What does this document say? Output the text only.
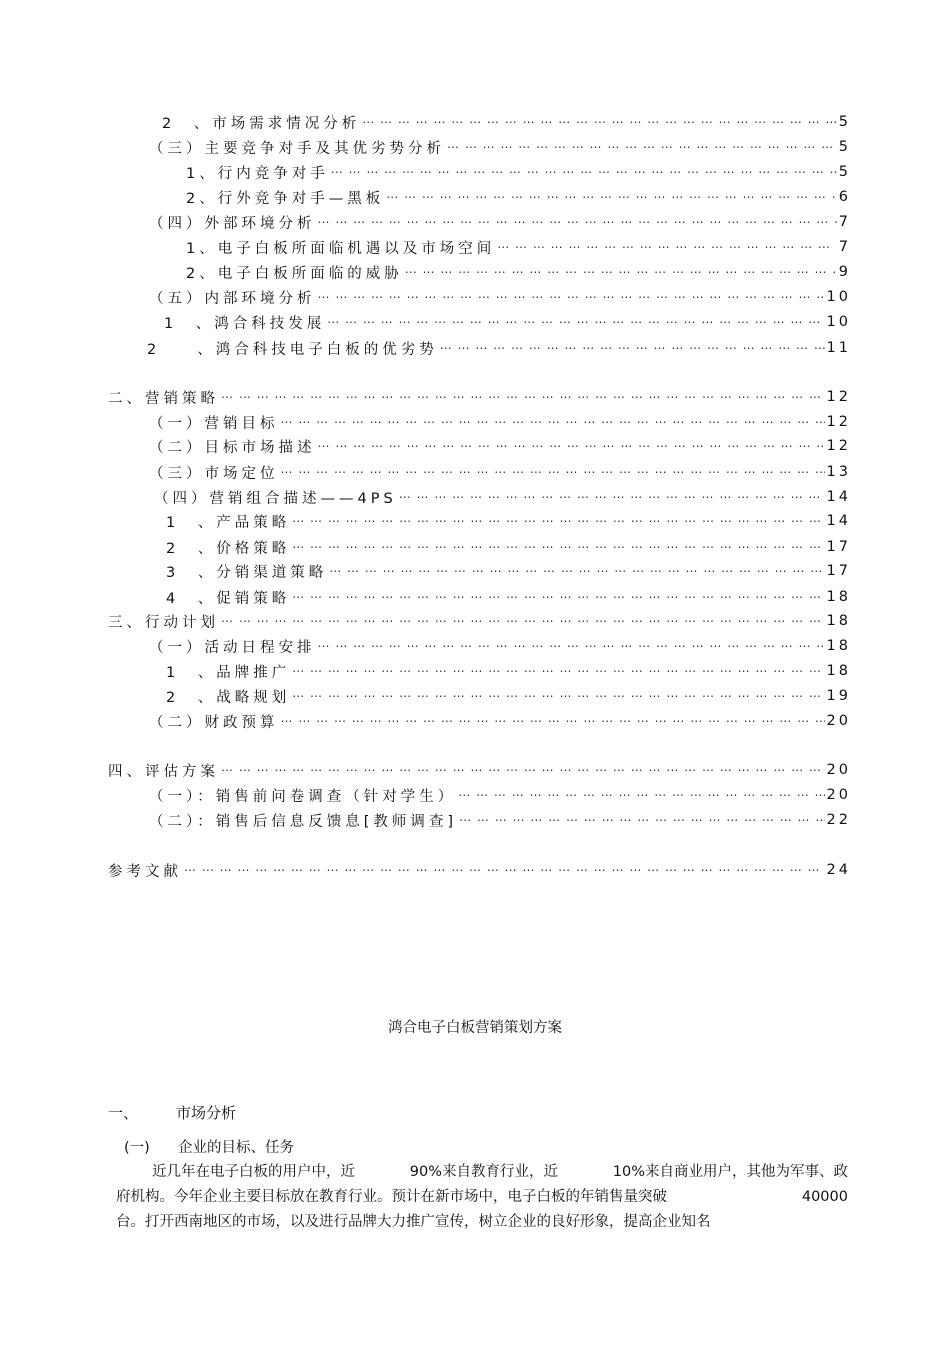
2　、市场需求情况分析 ⋯ ⋯ ⋯ ⋯ ⋯ ⋯ ⋯ ⋯ ⋯ ⋯ ⋯ ⋯ ⋯ ⋯ ⋯ ⋯ ⋯ ⋯ ⋯ ⋯ ⋯ ⋯ ⋯ ⋯ ⋯ ⋯ ⋯ ⋯ ⋯ ⋯ ⋯ ⋯ ⋯ ⋯ ⋯ ⋯ ⋯ ⋯ ⋯ ⋯ ⋯ ⋯ ⋯ ⋯ ⋯ ⋯ ⋯ ⋯ ⋯ ⋯ ⋯ ⋯ ⋯ ⋯ ⋯ ⋯ ⋯ ⋯ ⋯ ⋯	5
（三）主要竞争对手及其优劣势分析 ⋯ ⋯ ⋯ ⋯ ⋯ ⋯ ⋯ ⋯ ⋯ ⋯ ⋯ ⋯ ⋯ ⋯ ⋯ ⋯ ⋯ ⋯ ⋯ ⋯ ⋯ ⋯ ⋯ ⋯ ⋯ ⋯ ⋯ ⋯ ⋯ ⋯ ⋯ ⋯ ⋯ ⋯ ⋯ ⋯ ⋯ ⋯ ⋯ ⋯ ⋯ ⋯ ⋯ ⋯ ⋯ ⋯ ⋯ ⋯ ⋯ ⋯ ⋯ ⋯ ⋯ ⋯ ⋯ ⋯ ⋯ ⋯ ⋯ ⋯	5
1、行内竞争对手 ⋯ ⋯ ⋯ ⋯ ⋯ ⋯ ⋯ ⋯ ⋯ ⋯ ⋯ ⋯ ⋯ ⋯ ⋯ ⋯ ⋯ ⋯ ⋯ ⋯ ⋯ ⋯ ⋯ ⋯ ⋯ ⋯ ⋯ ⋯ ⋯ ⋯ ⋯ ⋯ ⋯ ⋯ ⋯ ⋯ ⋯ ⋯ ⋯ ⋯ ⋯ ⋯ ⋯ ⋯ ⋯ ⋯ ⋯ ⋯ ⋯ ⋯ ⋯ ⋯ ⋯ ⋯ ⋯ ⋯ ⋯ ⋯ ⋯ ⋯	5
2、行外竞争对手—黑板 ⋯ ⋯ ⋯ ⋯ ⋯ ⋯ ⋯ ⋯ ⋯ ⋯ ⋯ ⋯ ⋯ ⋯ ⋯ ⋯ ⋯ ⋯ ⋯ ⋯ ⋯ ⋯ ⋯ ⋯ ⋯ ⋯ ⋯ ⋯ ⋯ ⋯ ⋯ ⋯ ⋯ ⋯ ⋯ ⋯ ⋯ ⋯ ⋯ ⋯ ⋯ ⋯ ⋯ ⋯ ⋯ ⋯ ⋯ ⋯ ⋯ ⋯ ⋯ ⋯ ⋯ ⋯ ⋯ ⋯ ⋯ ⋯ ⋯ ⋯	6
（四）外部环境分析 ⋯ ⋯ ⋯ ⋯ ⋯ ⋯ ⋯ ⋯ ⋯ ⋯ ⋯ ⋯ ⋯ ⋯ ⋯ ⋯ ⋯ ⋯ ⋯ ⋯ ⋯ ⋯ ⋯ ⋯ ⋯ ⋯ ⋯ ⋯ ⋯ ⋯ ⋯ ⋯ ⋯ ⋯ ⋯ ⋯ ⋯ ⋯ ⋯ ⋯ ⋯ ⋯ ⋯ ⋯ ⋯ ⋯ ⋯ ⋯ ⋯ ⋯ ⋯ ⋯ ⋯ ⋯ ⋯ ⋯ ⋯ ⋯ ⋯ ⋯	7
1、电子白板所面临机遇以及市场空间 ⋯ ⋯ ⋯ ⋯ ⋯ ⋯ ⋯ ⋯ ⋯ ⋯ ⋯ ⋯ ⋯ ⋯ ⋯ ⋯ ⋯ ⋯ ⋯ ⋯ ⋯ ⋯ ⋯ ⋯ ⋯ ⋯ ⋯ ⋯ ⋯ ⋯ ⋯ ⋯ ⋯ ⋯ ⋯ ⋯ ⋯ ⋯ ⋯ ⋯ ⋯ ⋯ ⋯ ⋯ ⋯ ⋯ ⋯ ⋯ ⋯ ⋯ ⋯ ⋯ ⋯ ⋯ ⋯ ⋯ ⋯ ⋯ ⋯ ⋯	7
2、电子白板所面临的威胁 ⋯ ⋯ ⋯ ⋯ ⋯ ⋯ ⋯ ⋯ ⋯ ⋯ ⋯ ⋯ ⋯ ⋯ ⋯ ⋯ ⋯ ⋯ ⋯ ⋯ ⋯ ⋯ ⋯ ⋯ ⋯ ⋯ ⋯ ⋯ ⋯ ⋯ ⋯ ⋯ ⋯ ⋯ ⋯ ⋯ ⋯ ⋯ ⋯ ⋯ ⋯ ⋯ ⋯ ⋯ ⋯ ⋯ ⋯ ⋯ ⋯ ⋯ ⋯ ⋯ ⋯ ⋯ ⋯ ⋯ ⋯ ⋯ ⋯ ⋯	9
（五）内部环境分析 ⋯ ⋯ ⋯ ⋯ ⋯ ⋯ ⋯ ⋯ ⋯ ⋯ ⋯ ⋯ ⋯ ⋯ ⋯ ⋯ ⋯ ⋯ ⋯ ⋯ ⋯ ⋯ ⋯ ⋯ ⋯ ⋯ ⋯ ⋯ ⋯ ⋯ ⋯ ⋯ ⋯ ⋯ ⋯ ⋯ ⋯ ⋯ ⋯ ⋯ ⋯ ⋯ ⋯ ⋯ ⋯ ⋯ ⋯ ⋯ ⋯ ⋯ ⋯ ⋯ ⋯ ⋯ ⋯ ⋯ ⋯ ⋯ ⋯ ⋯	10
1　、鸿合科技发展 ⋯ ⋯ ⋯ ⋯ ⋯ ⋯ ⋯ ⋯ ⋯ ⋯ ⋯ ⋯ ⋯ ⋯ ⋯ ⋯ ⋯ ⋯ ⋯ ⋯ ⋯ ⋯ ⋯ ⋯ ⋯ ⋯ ⋯ ⋯ ⋯ ⋯ ⋯ ⋯ ⋯ ⋯ ⋯ ⋯ ⋯ ⋯ ⋯ ⋯ ⋯ ⋯ ⋯ ⋯ ⋯ ⋯ ⋯ ⋯ ⋯ ⋯ ⋯ ⋯ ⋯ ⋯ ⋯ ⋯ ⋯ ⋯ ⋯ ⋯	10
2　　、鸿合科技电子白板的优劣势 ⋯ ⋯ ⋯ ⋯ ⋯ ⋯ ⋯ ⋯ ⋯ ⋯ ⋯ ⋯ ⋯ ⋯ ⋯ ⋯ ⋯ ⋯ ⋯ ⋯ ⋯ ⋯ ⋯ ⋯ ⋯ ⋯ ⋯ ⋯ ⋯ ⋯ ⋯ ⋯ ⋯ ⋯ ⋯ ⋯ ⋯ ⋯ ⋯ ⋯ ⋯ ⋯ ⋯ ⋯ ⋯ ⋯ ⋯ ⋯ ⋯ ⋯ ⋯ ⋯ ⋯ ⋯ ⋯ ⋯ ⋯ ⋯ ⋯ ⋯	11
二、营销策略 ⋯ ⋯ ⋯ ⋯ ⋯ ⋯ ⋯ ⋯ ⋯ ⋯ ⋯ ⋯ ⋯ ⋯ ⋯ ⋯ ⋯ ⋯ ⋯ ⋯ ⋯ ⋯ ⋯ ⋯ ⋯ ⋯ ⋯ ⋯ ⋯ ⋯ ⋯ ⋯ ⋯ ⋯ ⋯ ⋯ ⋯ ⋯ ⋯ ⋯ ⋯ ⋯ ⋯ ⋯ ⋯ ⋯ ⋯ ⋯ ⋯ ⋯ ⋯ ⋯ ⋯ ⋯ ⋯ ⋯ ⋯ ⋯ ⋯ ⋯	12
（一）营销目标 ⋯ ⋯ ⋯ ⋯ ⋯ ⋯ ⋯ ⋯ ⋯ ⋯ ⋯ ⋯ ⋯ ⋯ ⋯ ⋯ ⋯ ⋯ ⋯ ⋯ ⋯ ⋯ ⋯ ⋯ ⋯ ⋯ ⋯ ⋯ ⋯ ⋯ ⋯ ⋯ ⋯ ⋯ ⋯ ⋯ ⋯ ⋯ ⋯ ⋯ ⋯ ⋯ ⋯ ⋯ ⋯ ⋯ ⋯ ⋯ ⋯ ⋯ ⋯ ⋯ ⋯ ⋯ ⋯ ⋯ ⋯ ⋯ ⋯ ⋯	12
（二）目标市场描述 ⋯ ⋯ ⋯ ⋯ ⋯ ⋯ ⋯ ⋯ ⋯ ⋯ ⋯ ⋯ ⋯ ⋯ ⋯ ⋯ ⋯ ⋯ ⋯ ⋯ ⋯ ⋯ ⋯ ⋯ ⋯ ⋯ ⋯ ⋯ ⋯ ⋯ ⋯ ⋯ ⋯ ⋯ ⋯ ⋯ ⋯ ⋯ ⋯ ⋯ ⋯ ⋯ ⋯ ⋯ ⋯ ⋯ ⋯ ⋯ ⋯ ⋯ ⋯ ⋯ ⋯ ⋯ ⋯ ⋯ ⋯ ⋯ ⋯ ⋯	12
（三）市场定位 ⋯ ⋯ ⋯ ⋯ ⋯ ⋯ ⋯ ⋯ ⋯ ⋯ ⋯ ⋯ ⋯ ⋯ ⋯ ⋯ ⋯ ⋯ ⋯ ⋯ ⋯ ⋯ ⋯ ⋯ ⋯ ⋯ ⋯ ⋯ ⋯ ⋯ ⋯ ⋯ ⋯ ⋯ ⋯ ⋯ ⋯ ⋯ ⋯ ⋯ ⋯ ⋯ ⋯ ⋯ ⋯ ⋯ ⋯ ⋯ ⋯ ⋯ ⋯ ⋯ ⋯ ⋯ ⋯ ⋯ ⋯ ⋯ ⋯ ⋯	13
（四）营销组合描述——4PS ⋯ ⋯ ⋯ ⋯ ⋯ ⋯ ⋯ ⋯ ⋯ ⋯ ⋯ ⋯ ⋯ ⋯ ⋯ ⋯ ⋯ ⋯ ⋯ ⋯ ⋯ ⋯ ⋯ ⋯ ⋯ ⋯ ⋯ ⋯ ⋯ ⋯ ⋯ ⋯ ⋯ ⋯ ⋯ ⋯ ⋯ ⋯ ⋯ ⋯ ⋯ ⋯ ⋯ ⋯ ⋯ ⋯ ⋯ ⋯ ⋯ ⋯ ⋯ ⋯ ⋯ ⋯ ⋯ ⋯ ⋯ ⋯ ⋯ ⋯	14
1　、产品策略 ⋯ ⋯ ⋯ ⋯ ⋯ ⋯ ⋯ ⋯ ⋯ ⋯ ⋯ ⋯ ⋯ ⋯ ⋯ ⋯ ⋯ ⋯ ⋯ ⋯ ⋯ ⋯ ⋯ ⋯ ⋯ ⋯ ⋯ ⋯ ⋯ ⋯ ⋯ ⋯ ⋯ ⋯ ⋯ ⋯ ⋯ ⋯ ⋯ ⋯ ⋯ ⋯ ⋯ ⋯ ⋯ ⋯ ⋯ ⋯ ⋯ ⋯ ⋯ ⋯ ⋯ ⋯ ⋯ ⋯ ⋯ ⋯ ⋯ ⋯	14
2　、价格策略 ⋯ ⋯ ⋯ ⋯ ⋯ ⋯ ⋯ ⋯ ⋯ ⋯ ⋯ ⋯ ⋯ ⋯ ⋯ ⋯ ⋯ ⋯ ⋯ ⋯ ⋯ ⋯ ⋯ ⋯ ⋯ ⋯ ⋯ ⋯ ⋯ ⋯ ⋯ ⋯ ⋯ ⋯ ⋯ ⋯ ⋯ ⋯ ⋯ ⋯ ⋯ ⋯ ⋯ ⋯ ⋯ ⋯ ⋯ ⋯ ⋯ ⋯ ⋯ ⋯ ⋯ ⋯ ⋯ ⋯ ⋯ ⋯ ⋯ ⋯	17
3　、分销渠道策略 ⋯ ⋯ ⋯ ⋯ ⋯ ⋯ ⋯ ⋯ ⋯ ⋯ ⋯ ⋯ ⋯ ⋯ ⋯ ⋯ ⋯ ⋯ ⋯ ⋯ ⋯ ⋯ ⋯ ⋯ ⋯ ⋯ ⋯ ⋯ ⋯ ⋯ ⋯ ⋯ ⋯ ⋯ ⋯ ⋯ ⋯ ⋯ ⋯ ⋯ ⋯ ⋯ ⋯ ⋯ ⋯ ⋯ ⋯ ⋯ ⋯ ⋯ ⋯ ⋯ ⋯ ⋯ ⋯ ⋯ ⋯ ⋯ ⋯ ⋯	17
4　、促销策略 ⋯ ⋯ ⋯ ⋯ ⋯ ⋯ ⋯ ⋯ ⋯ ⋯ ⋯ ⋯ ⋯ ⋯ ⋯ ⋯ ⋯ ⋯ ⋯ ⋯ ⋯ ⋯ ⋯ ⋯ ⋯ ⋯ ⋯ ⋯ ⋯ ⋯ ⋯ ⋯ ⋯ ⋯ ⋯ ⋯ ⋯ ⋯ ⋯ ⋯ ⋯ ⋯ ⋯ ⋯ ⋯ ⋯ ⋯ ⋯ ⋯ ⋯ ⋯ ⋯ ⋯ ⋯ ⋯ ⋯ ⋯ ⋯ ⋯ ⋯	18
三、行动计划 ⋯ ⋯ ⋯ ⋯ ⋯ ⋯ ⋯ ⋯ ⋯ ⋯ ⋯ ⋯ ⋯ ⋯ ⋯ ⋯ ⋯ ⋯ ⋯ ⋯ ⋯ ⋯ ⋯ ⋯ ⋯ ⋯ ⋯ ⋯ ⋯ ⋯ ⋯ ⋯ ⋯ ⋯ ⋯ ⋯ ⋯ ⋯ ⋯ ⋯ ⋯ ⋯ ⋯ ⋯ ⋯ ⋯ ⋯ ⋯ ⋯ ⋯ ⋯ ⋯ ⋯ ⋯ ⋯ ⋯ ⋯ ⋯ ⋯ ⋯	18
（一）活动日程安排 ⋯ ⋯ ⋯ ⋯ ⋯ ⋯ ⋯ ⋯ ⋯ ⋯ ⋯ ⋯ ⋯ ⋯ ⋯ ⋯ ⋯ ⋯ ⋯ ⋯ ⋯ ⋯ ⋯ ⋯ ⋯ ⋯ ⋯ ⋯ ⋯ ⋯ ⋯ ⋯ ⋯ ⋯ ⋯ ⋯ ⋯ ⋯ ⋯ ⋯ ⋯ ⋯ ⋯ ⋯ ⋯ ⋯ ⋯ ⋯ ⋯ ⋯ ⋯ ⋯ ⋯ ⋯ ⋯ ⋯ ⋯ ⋯ ⋯ ⋯	18
1　、品牌推广 ⋯ ⋯ ⋯ ⋯ ⋯ ⋯ ⋯ ⋯ ⋯ ⋯ ⋯ ⋯ ⋯ ⋯ ⋯ ⋯ ⋯ ⋯ ⋯ ⋯ ⋯ ⋯ ⋯ ⋯ ⋯ ⋯ ⋯ ⋯ ⋯ ⋯ ⋯ ⋯ ⋯ ⋯ ⋯ ⋯ ⋯ ⋯ ⋯ ⋯ ⋯ ⋯ ⋯ ⋯ ⋯ ⋯ ⋯ ⋯ ⋯ ⋯ ⋯ ⋯ ⋯ ⋯ ⋯ ⋯ ⋯ ⋯ ⋯ ⋯	18
2　、战略规划 ⋯ ⋯ ⋯ ⋯ ⋯ ⋯ ⋯ ⋯ ⋯ ⋯ ⋯ ⋯ ⋯ ⋯ ⋯ ⋯ ⋯ ⋯ ⋯ ⋯ ⋯ ⋯ ⋯ ⋯ ⋯ ⋯ ⋯ ⋯ ⋯ ⋯ ⋯ ⋯ ⋯ ⋯ ⋯ ⋯ ⋯ ⋯ ⋯ ⋯ ⋯ ⋯ ⋯ ⋯ ⋯ ⋯ ⋯ ⋯ ⋯ ⋯ ⋯ ⋯ ⋯ ⋯ ⋯ ⋯ ⋯ ⋯ ⋯ ⋯	19
（二）财政预算 ⋯ ⋯ ⋯ ⋯ ⋯ ⋯ ⋯ ⋯ ⋯ ⋯ ⋯ ⋯ ⋯ ⋯ ⋯ ⋯ ⋯ ⋯ ⋯ ⋯ ⋯ ⋯ ⋯ ⋯ ⋯ ⋯ ⋯ ⋯ ⋯ ⋯ ⋯ ⋯ ⋯ ⋯ ⋯ ⋯ ⋯ ⋯ ⋯ ⋯ ⋯ ⋯ ⋯ ⋯ ⋯ ⋯ ⋯ ⋯ ⋯ ⋯ ⋯ ⋯ ⋯ ⋯ ⋯ ⋯ ⋯ ⋯ ⋯ ⋯	20
四、评估方案 ⋯ ⋯ ⋯ ⋯ ⋯ ⋯ ⋯ ⋯ ⋯ ⋯ ⋯ ⋯ ⋯ ⋯ ⋯ ⋯ ⋯ ⋯ ⋯ ⋯ ⋯ ⋯ ⋯ ⋯ ⋯ ⋯ ⋯ ⋯ ⋯ ⋯ ⋯ ⋯ ⋯ ⋯ ⋯ ⋯ ⋯ ⋯ ⋯ ⋯ ⋯ ⋯ ⋯ ⋯ ⋯ ⋯ ⋯ ⋯ ⋯ ⋯ ⋯ ⋯ ⋯ ⋯ ⋯ ⋯ ⋯ ⋯ ⋯ ⋯	20
（一）：销售前问卷调查（针对学生） ⋯ ⋯ ⋯ ⋯ ⋯ ⋯ ⋯ ⋯ ⋯ ⋯ ⋯ ⋯ ⋯ ⋯ ⋯ ⋯ ⋯ ⋯ ⋯ ⋯ ⋯ ⋯ ⋯ ⋯ ⋯ ⋯ ⋯ ⋯ ⋯ ⋯ ⋯ ⋯ ⋯ ⋯ ⋯ ⋯ ⋯ ⋯ ⋯ ⋯ ⋯ ⋯ ⋯ ⋯ ⋯ ⋯ ⋯ ⋯ ⋯ ⋯ ⋯ ⋯ ⋯ ⋯ ⋯ ⋯ ⋯ ⋯ ⋯ ⋯	20
（二）：销售后信息反馈息[教师调查] ⋯ ⋯ ⋯ ⋯ ⋯ ⋯ ⋯ ⋯ ⋯ ⋯ ⋯ ⋯ ⋯ ⋯ ⋯ ⋯ ⋯ ⋯ ⋯ ⋯ ⋯ ⋯ ⋯ ⋯ ⋯ ⋯ ⋯ ⋯ ⋯ ⋯ ⋯ ⋯ ⋯ ⋯ ⋯ ⋯ ⋯ ⋯ ⋯ ⋯ ⋯ ⋯ ⋯ ⋯ ⋯ ⋯ ⋯ ⋯ ⋯ ⋯ ⋯ ⋯ ⋯ ⋯ ⋯ ⋯ ⋯ ⋯ ⋯ ⋯	22
参考文献 ⋯ ⋯ ⋯ ⋯ ⋯ ⋯ ⋯ ⋯ ⋯ ⋯ ⋯ ⋯ ⋯ ⋯ ⋯ ⋯ ⋯ ⋯ ⋯ ⋯ ⋯ ⋯ ⋯ ⋯ ⋯ ⋯ ⋯ ⋯ ⋯ ⋯ ⋯ ⋯ ⋯ ⋯ ⋯ ⋯ ⋯ ⋯ ⋯ ⋯ ⋯ ⋯ ⋯ ⋯ ⋯ ⋯ ⋯ ⋯ ⋯ ⋯ ⋯ ⋯ ⋯ ⋯ ⋯ ⋯ ⋯ ⋯ ⋯ ⋯	24
鸿合电子白板营销策划方案
一、	市场分析
(一) 企业的目标、任务
近几年在电子白板的用户中，近	90%来自教育行业，近	10%来自商业用户，其他为军事、政
府机构。今年企业主要目标放在教育行业。预计在新市场中，电子白板的年销售量突破	40000
台。打开西南地区的市场，以及进行品牌大力推广宣传，树立企业的良好形象，提高企业知名
